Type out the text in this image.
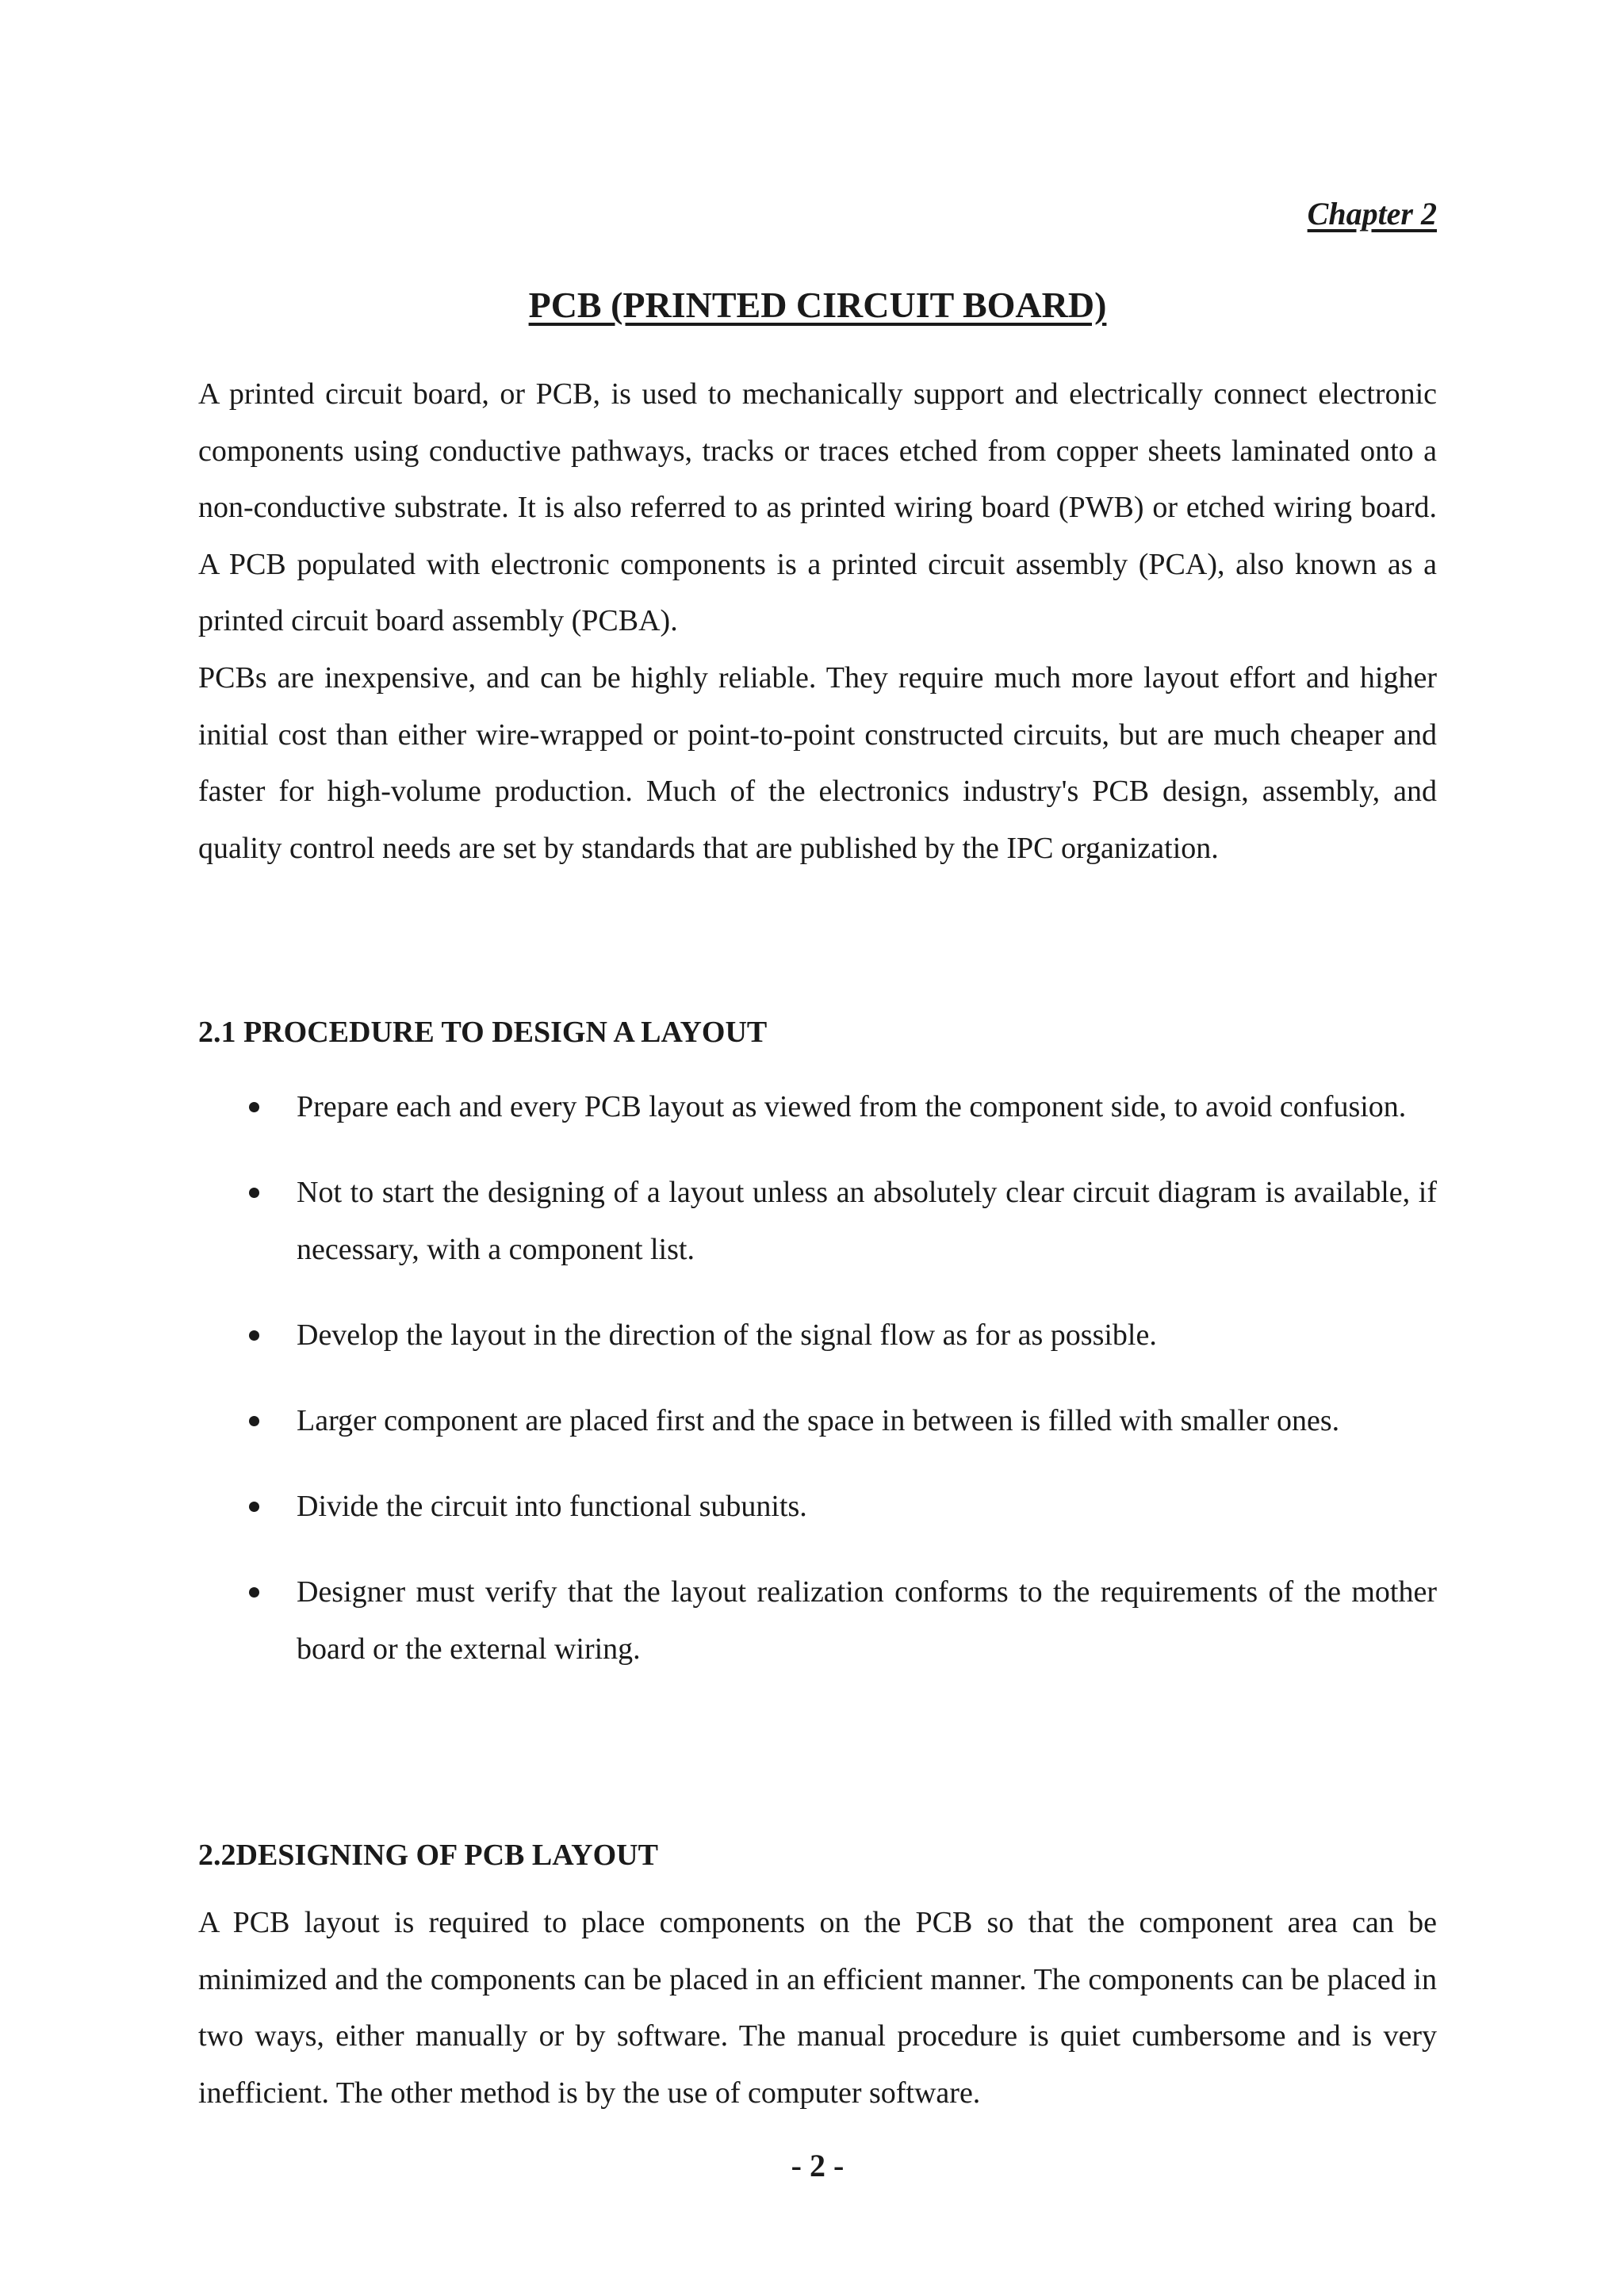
Chapter 2
PCB (PRINTED CIRCUIT BOARD)

A printed circuit board, or PCB, is used to mechanically support and electrically connect electronic components using conductive pathways, tracks or traces etched from copper sheets laminated onto a non-conductive substrate. It is also referred to as printed wiring board (PWB) or etched wiring board. A PCB populated with electronic components is a printed circuit assembly (PCA), also known as a printed circuit board assembly (PCBA).

PCBs are inexpensive, and can be highly reliable. They require much more layout effort and higher initial cost than either wire-wrapped or point-to-point constructed circuits, but are much cheaper and faster for high-volume production. Much of the electronics industry's PCB design, assembly, and quality control needs are set by standards that are published by the IPC organization.

2.1 PROCEDURE TO DESIGN A LAYOUT
Prepare each and every PCB layout as viewed from the component side, to avoid confusion.
Not to start the designing of a layout unless an absolutely clear circuit diagram is available, if necessary, with a component list.
Develop the layout in the direction of the signal flow as for as possible.
Larger component are placed first and the space in between is filled with smaller ones.
Divide the circuit into functional subunits.
Designer must verify that the layout realization conforms to the requirements of the mother board or the external wiring.
2.2DESIGNING OF PCB LAYOUT

A PCB layout is required to place components on the PCB so that the component area can be minimized and the components can be placed in an efficient manner. The components can be placed in two ways, either manually or by software. The manual procedure is quiet cumbersome and is very inefficient. The other method is by the use of computer software.

- 2 -
